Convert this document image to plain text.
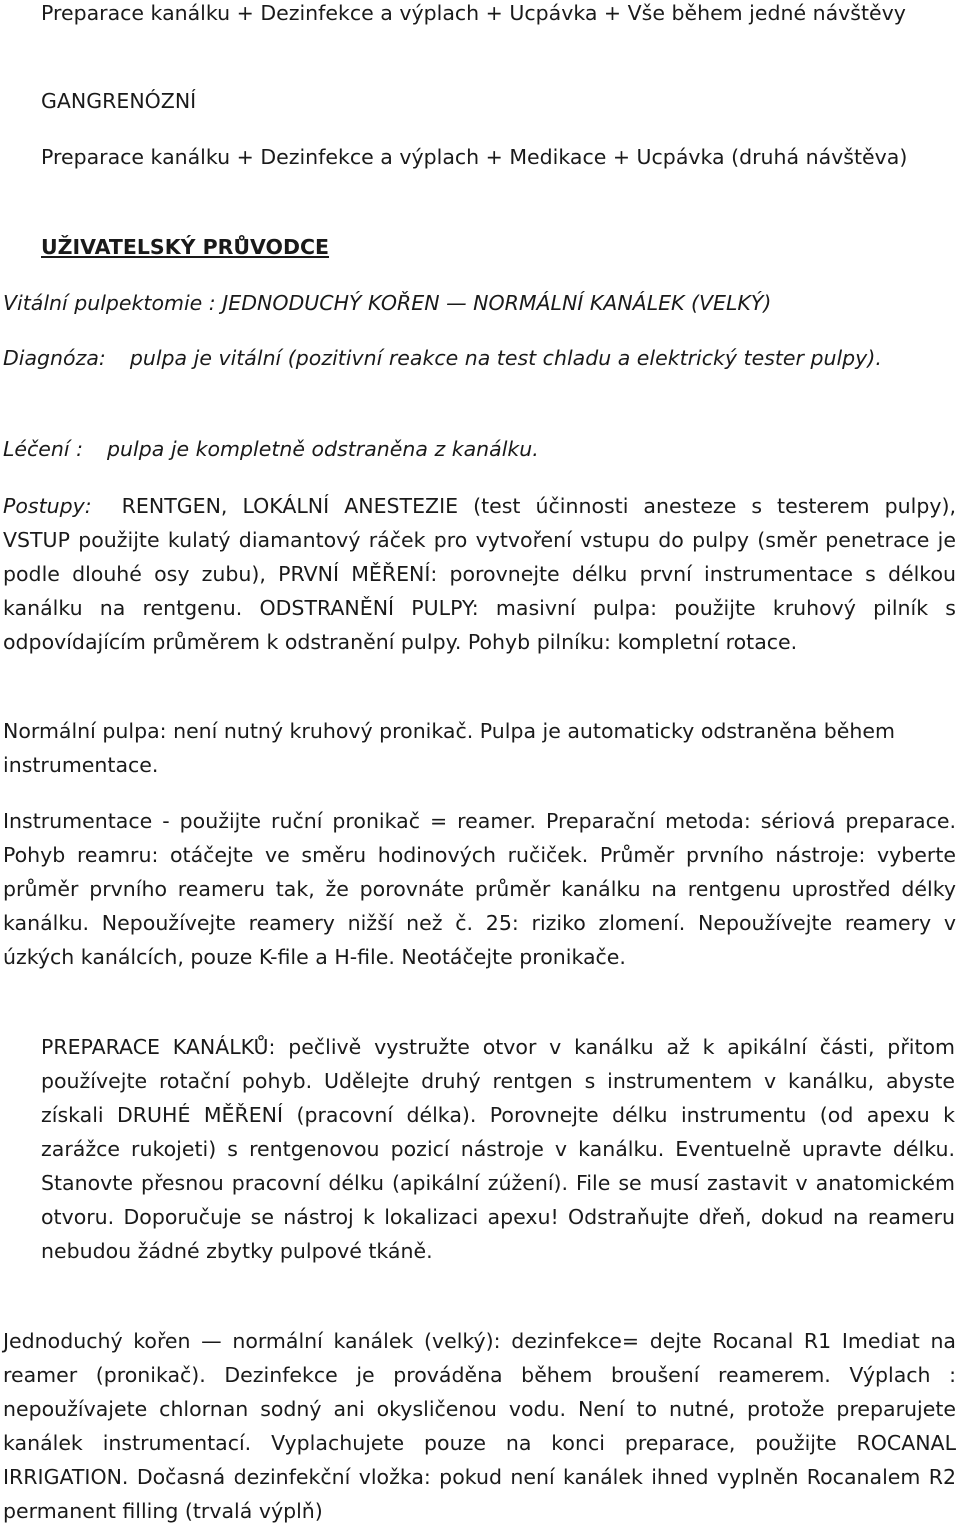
Preparace kanálku + Dezinfekce a výplach + Ucpávka + Vše během jedné návštěvy

GANGRENÓZNÍ

Preparace kanálku + Dezinfekce a výplach + Medikace + Ucpávka (druhá návštěva)

UŽIVATELSKÝ PRŮVODCE

Vitální pulpektomie : JEDNODUCHÝ KOŘEN — NORMÁLNÍ KANÁLEK (VELKÝ)

Diagnóza: pulpa je vitální (pozitivní reakce na test chladu a elektrický tester pulpy).

Léčení : pulpa je kompletně odstraněna z kanálku.

Postupy: RENTGEN, LOKÁLNÍ ANESTEZIE (test účinnosti anesteze s testerem pulpy), VSTUP použijte kulatý diamantový ráček pro vytvoření vstupu do pulpy (směr penetrace je podle dlouhé osy zubu), PRVNÍ MĚŘENÍ: porovnejte délku první instrumentace s délkou kanálku na rentgenu. ODSTRANĚNÍ PULPY: masivní pulpa: použijte kruhový pilník s odpovídajícím průměrem k odstranění pulpy. Pohyb pilníku: kompletní rotace.

Normální pulpa: není nutný kruhový pronikač. Pulpa je automaticky odstraněna během instrumentace.

Instrumentace - použijte ruční pronikač = reamer. Preparační metoda: sériová preparace. Pohyb reamru: otáčejte ve směru hodinových ručiček. Průměr prvního nástroje: vyberte průměr prvního reameru tak, že porovnáte průměr kanálku na rentgenu uprostřed délky kanálku. Nepoužívejte reamery nižší než č. 25: riziko zlomení. Nepoužívejte reamery v úzkých kanálcích, pouze K-file a H-file. Neotáčejte pronikače.

PREPARACE KANÁLKŮ: pečlivě vystružte otvor v kanálku až k apikální části, přitom používejte rotační pohyb. Udělejte druhý rentgen s instrumentem v kanálku, abyste získali DRUHÉ MĚŘENÍ (pracovní délka). Porovnejte délku instrumentu (od apexu k zarážce rukojeti) s rentgenovou pozicí nástroje v kanálku. Eventuelně upravte délku. Stanovte přesnou pracovní délku (apikální zúžení). File se musí zastavit v anatomickém otvoru. Doporučuje se nástroj k lokalizaci apexu! Odstraňujte dřeň, dokud na reameru nebudou žádné zbytky pulpové tkáně.

Jednoduchý kořen — normální kanálek (velký): dezinfekce= dejte Rocanal R1 Imediat na reamer (pronikač). Dezinfekce je prováděna během broušení reamerem. Výplach : nepoužívajete chlornan sodný ani okysličenou vodu. Není to nutné, protože preparujete kanálek instrumentací. Vyplachujete pouze na konci preparace, použijte ROCANAL IRRIGATION. Dočasná dezinfekční vložka: pokud není kanálek ihned vyplněn Rocanalem R2 permanent filling (trvalá výplň)
